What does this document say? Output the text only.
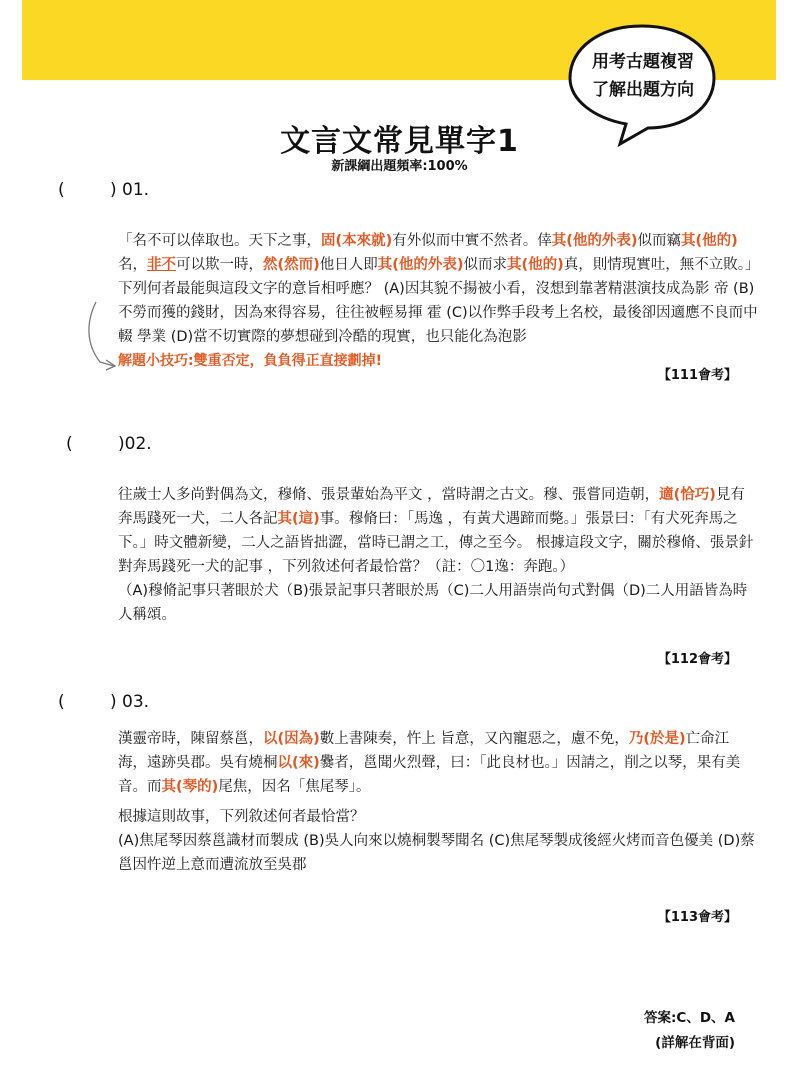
用考古題複習
了解出題方向
文言文常見單字1
新課綱出題頻率:100%
(	) 01.

「名不可以倖取也。天下之事，固(本來就)有外似而中實不然者。倖其(他的外表)似而竊其(他的)名，非不可以欺一時，然(然而)他日人即其(他的外表)似而求其(他的)真，則情現實吐，無不立敗。」下列何者最能與這段文字的意旨相呼應？ (A)因其貌不揚被小看，沒想到靠著精湛演技成為影 帝 (B)不勞而獲的錢財，因為來得容易，往往被輕易揮 霍 (C)以作弊手段考上名校，最後卻因適應不良而中輟 學業 (D)當不切實際的夢想碰到冷酷的現實，也只能化為泡影

解題小技巧:雙重否定，負負得正直接劃掉!
【111會考】
(	)02.

往歲士人多尚對偶為文，穆脩、張景輩始為平文 ，當時謂之古文。穆、張嘗同造朝，適(恰巧)見有奔馬踐死一犬，二人各記其(這)事。穆脩曰：「馬逸 ，有黃犬遇蹄而斃。」張景曰：「有犬死奔馬之下。」時文體新變，二人之語皆拙澀，當時已謂之工，傳之至今。 根據這段文字，關於穆脩、張景針對奔馬踐死一犬的記事 ，下列敘述何者最恰當？（註：〇1逸：奔跑。）

（A)穆脩記事只著眼於犬（B)張景記事只著眼於馬（C)二人用語崇尚句式對偶（D)二人用語皆為時人稱頌。

【112會考】
(	) 03.

漢靈帝時，陳留蔡邕，以(因為)數上書陳奏，忤上 旨意，又內寵惡之，慮不免，乃(於是)亡命江海，遠跡吳郡。吳有燒桐以(來)爨者，邕聞火烈聲，曰：「此良材也。」因請之，削之以琴，果有美音。而其(琴的)尾焦，因名「焦尾琴」。

根據這則故事，下列敘述何者最恰當？

(A)焦尾琴因蔡邕識材而製成 (B)吳人向來以燒桐製琴聞名 (C)焦尾琴製成後經火烤而音色優美 (D)蔡邕因忤逆上意而遭流放至吳郡

【113會考】
答案:C、D、A
(詳解在背面)
